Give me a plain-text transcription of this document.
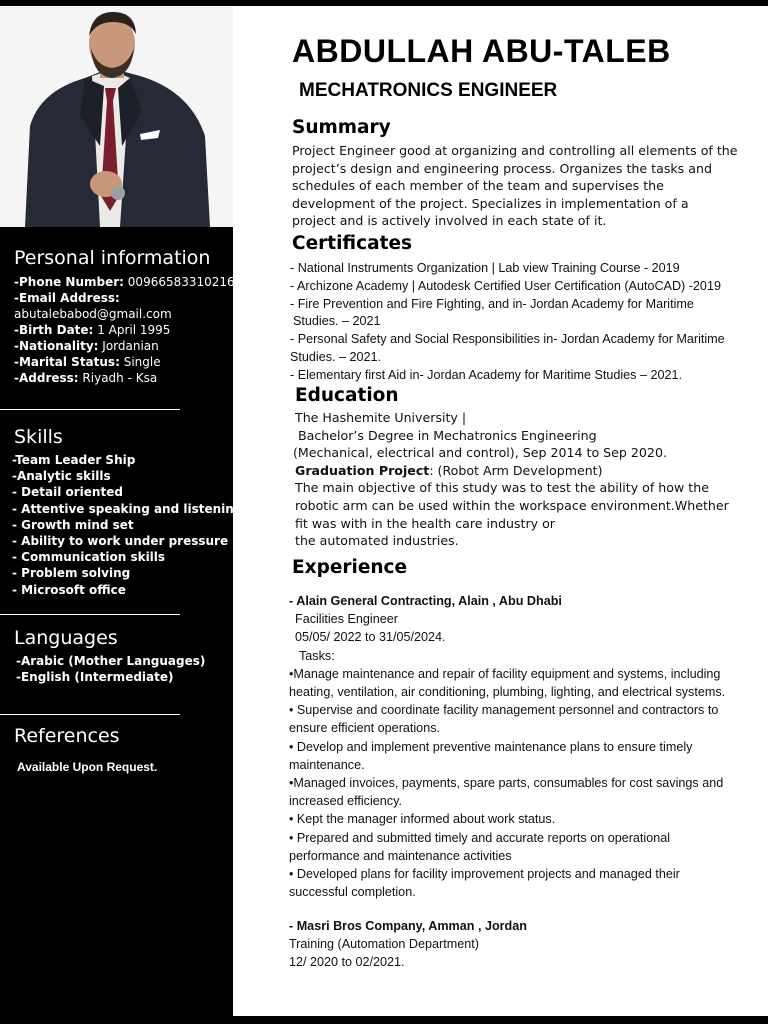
Personal information
-Phone Number: 00966583310216
-Email Address:
abutalebabod@gmail.com
-Birth Date: 1 April 1995
-Nationality: Jordanian
-Marital Status: Single
-Address: Riyadh - Ksa
Skills
-Team Leader Ship
-Analytic skills
- Detail oriented
- Attentive speaking and listening
- Growth mind set
- Ability to work under pressure
- Communication skills
- Problem solving
- Microsoft office
Languages
-Arabic (Mother Languages)
-English (Intermediate)
References
Available Upon Request.
ABDULLAH ABU-TALEB
MECHATRONICS ENGINEER
Summary
Project Engineer good at organizing and controlling all elements of the
project’s design and engineering process. Organizes the tasks and
schedules of each member of the team and supervises the
development of the project. Specializes in implementation of a
project and is actively involved in each state of it.
Certificates
- National Instruments Organization | Lab view Training Course - 2019
- Archizone Academy | Autodesk Certified User Certification (AutoCAD) -2019
- Fire Prevention and Fire Fighting, and in- Jordan Academy for Maritime
Studies. – 2021
- Personal Safety and Social Responsibilities in- Jordan Academy for Maritime
Studies. – 2021.
- Elementary first Aid in- Jordan Academy for Maritime Studies – 2021.
Education
The Hashemite University |
Bachelor’s Degree in Mechatronics Engineering
(Mechanical, electrical and control), Sep 2014 to Sep 2020.
Graduation Project: (Robot Arm Development)
The main objective of this study was to test the ability of how the
robotic arm can be used within the workspace environment.Whether
fit was with in the health care industry or
the automated industries.
Experience
- Alain General Contracting, Alain , Abu Dhabi
Facilities Engineer
05/05/ 2022 to 31/05/2024.
Tasks:
•Manage maintenance and repair of facility equipment and systems, including
heating, ventilation, air conditioning, plumbing, lighting, and electrical systems.
• Supervise and coordinate facility management personnel and contractors to
ensure efficient operations.
• Develop and implement preventive maintenance plans to ensure timely
maintenance.
•Managed invoices, payments, spare parts, consumables for cost savings and
increased efficiency.
• Kept the manager informed about work status.
• Prepared and submitted timely and accurate reports on operational
performance and maintenance activities
• Developed plans for facility improvement projects and managed their
successful completion.
- Masri Bros Company, Amman , Jordan
Training (Automation Department)
12/ 2020 to 02/2021.
